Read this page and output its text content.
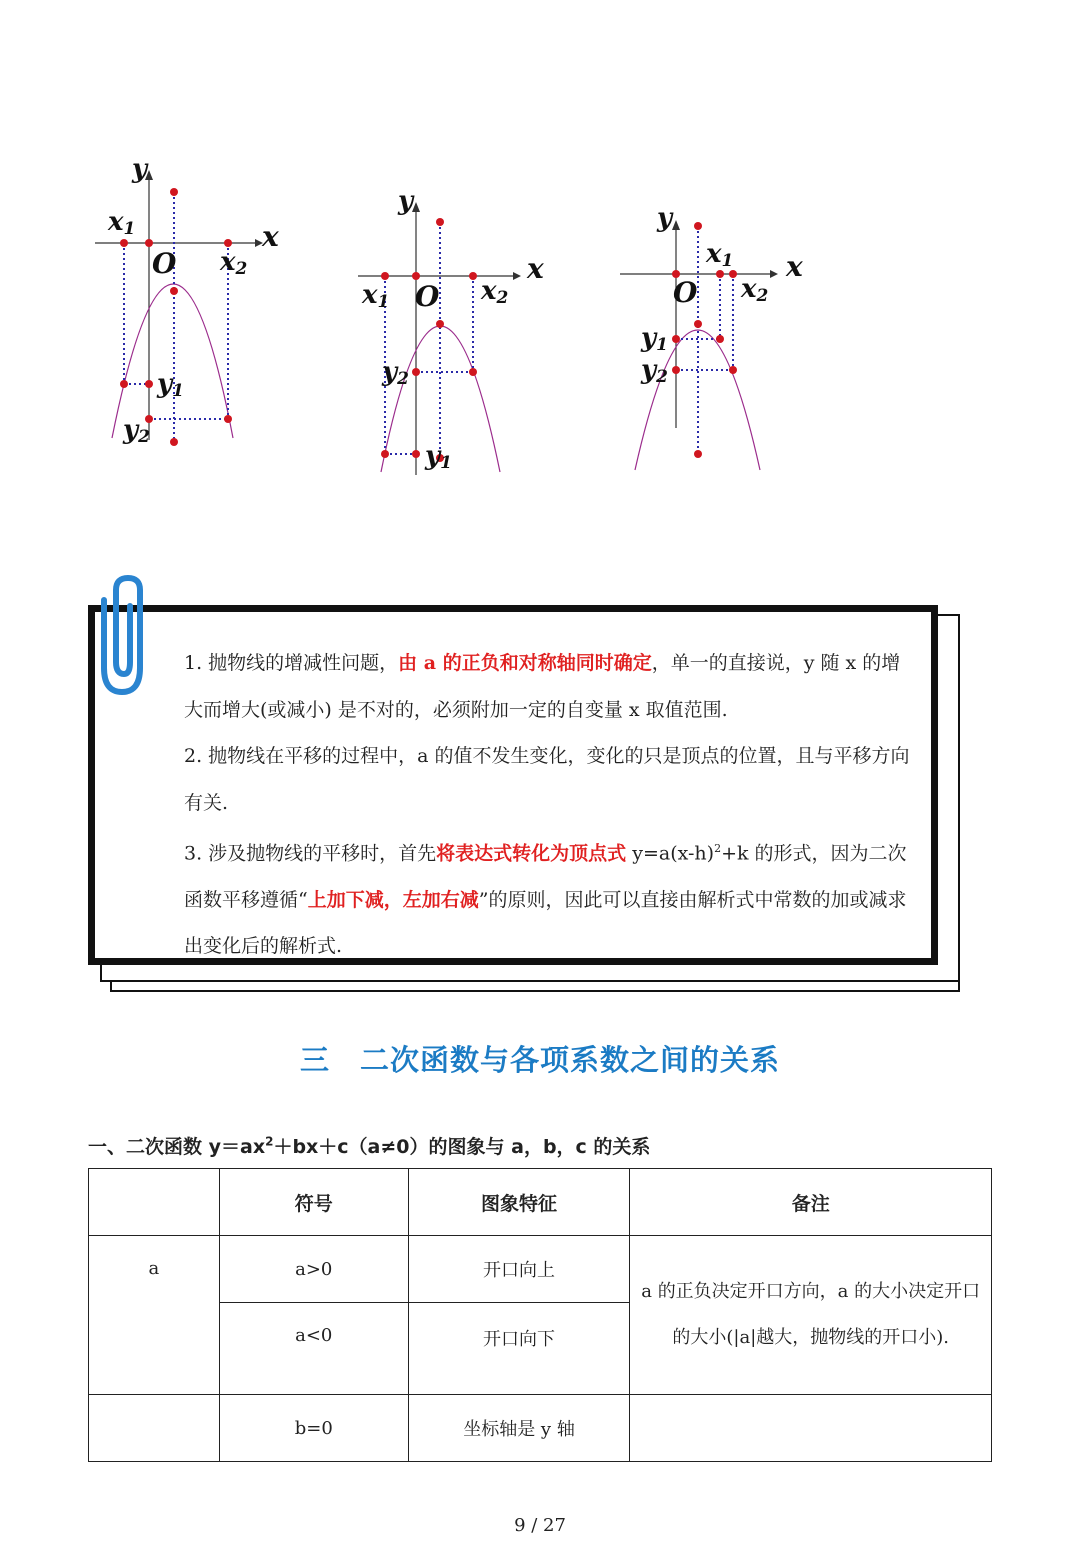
y
x
O
x1
x2
y1
y2
y
x
O
x1	x2
y2
y1
y
x
O
x1
x2
y1
y2

1. 抛物线的增减性问题，由 a 的正负和对称轴同时确定，单一的直接说，y 随 x 的增大而增大(或减小) 是不对的，必须附加一定的自变量 x 取值范围.

2. 抛物线在平移的过程中，a 的值不发生变化，变化的只是顶点的位置，且与平移方向有关.

3. 涉及抛物线的平移时，首先将表达式转化为顶点式 $y=a(x-h)^2+k$ 的形式，因为二次函数平移遵循“上加下减，左加右减”的原则，因此可以直接由解析式中常数的加或减求出变化后的解析式.

三　二次函数与各项系数之间的关系
一、二次函数 $y=ax^2+bx+c(a\ne 0)$的图象与 a，b，c 的关系
	符号	图象特征	备注
a	a>0	开口向上	a 的正负决定开口方向，a 的大小决定开口的大小(|a|越大，抛物线的开口小).
	a<0	开口向下	
	b=0	坐标轴是 y 轴	
9 / 27
